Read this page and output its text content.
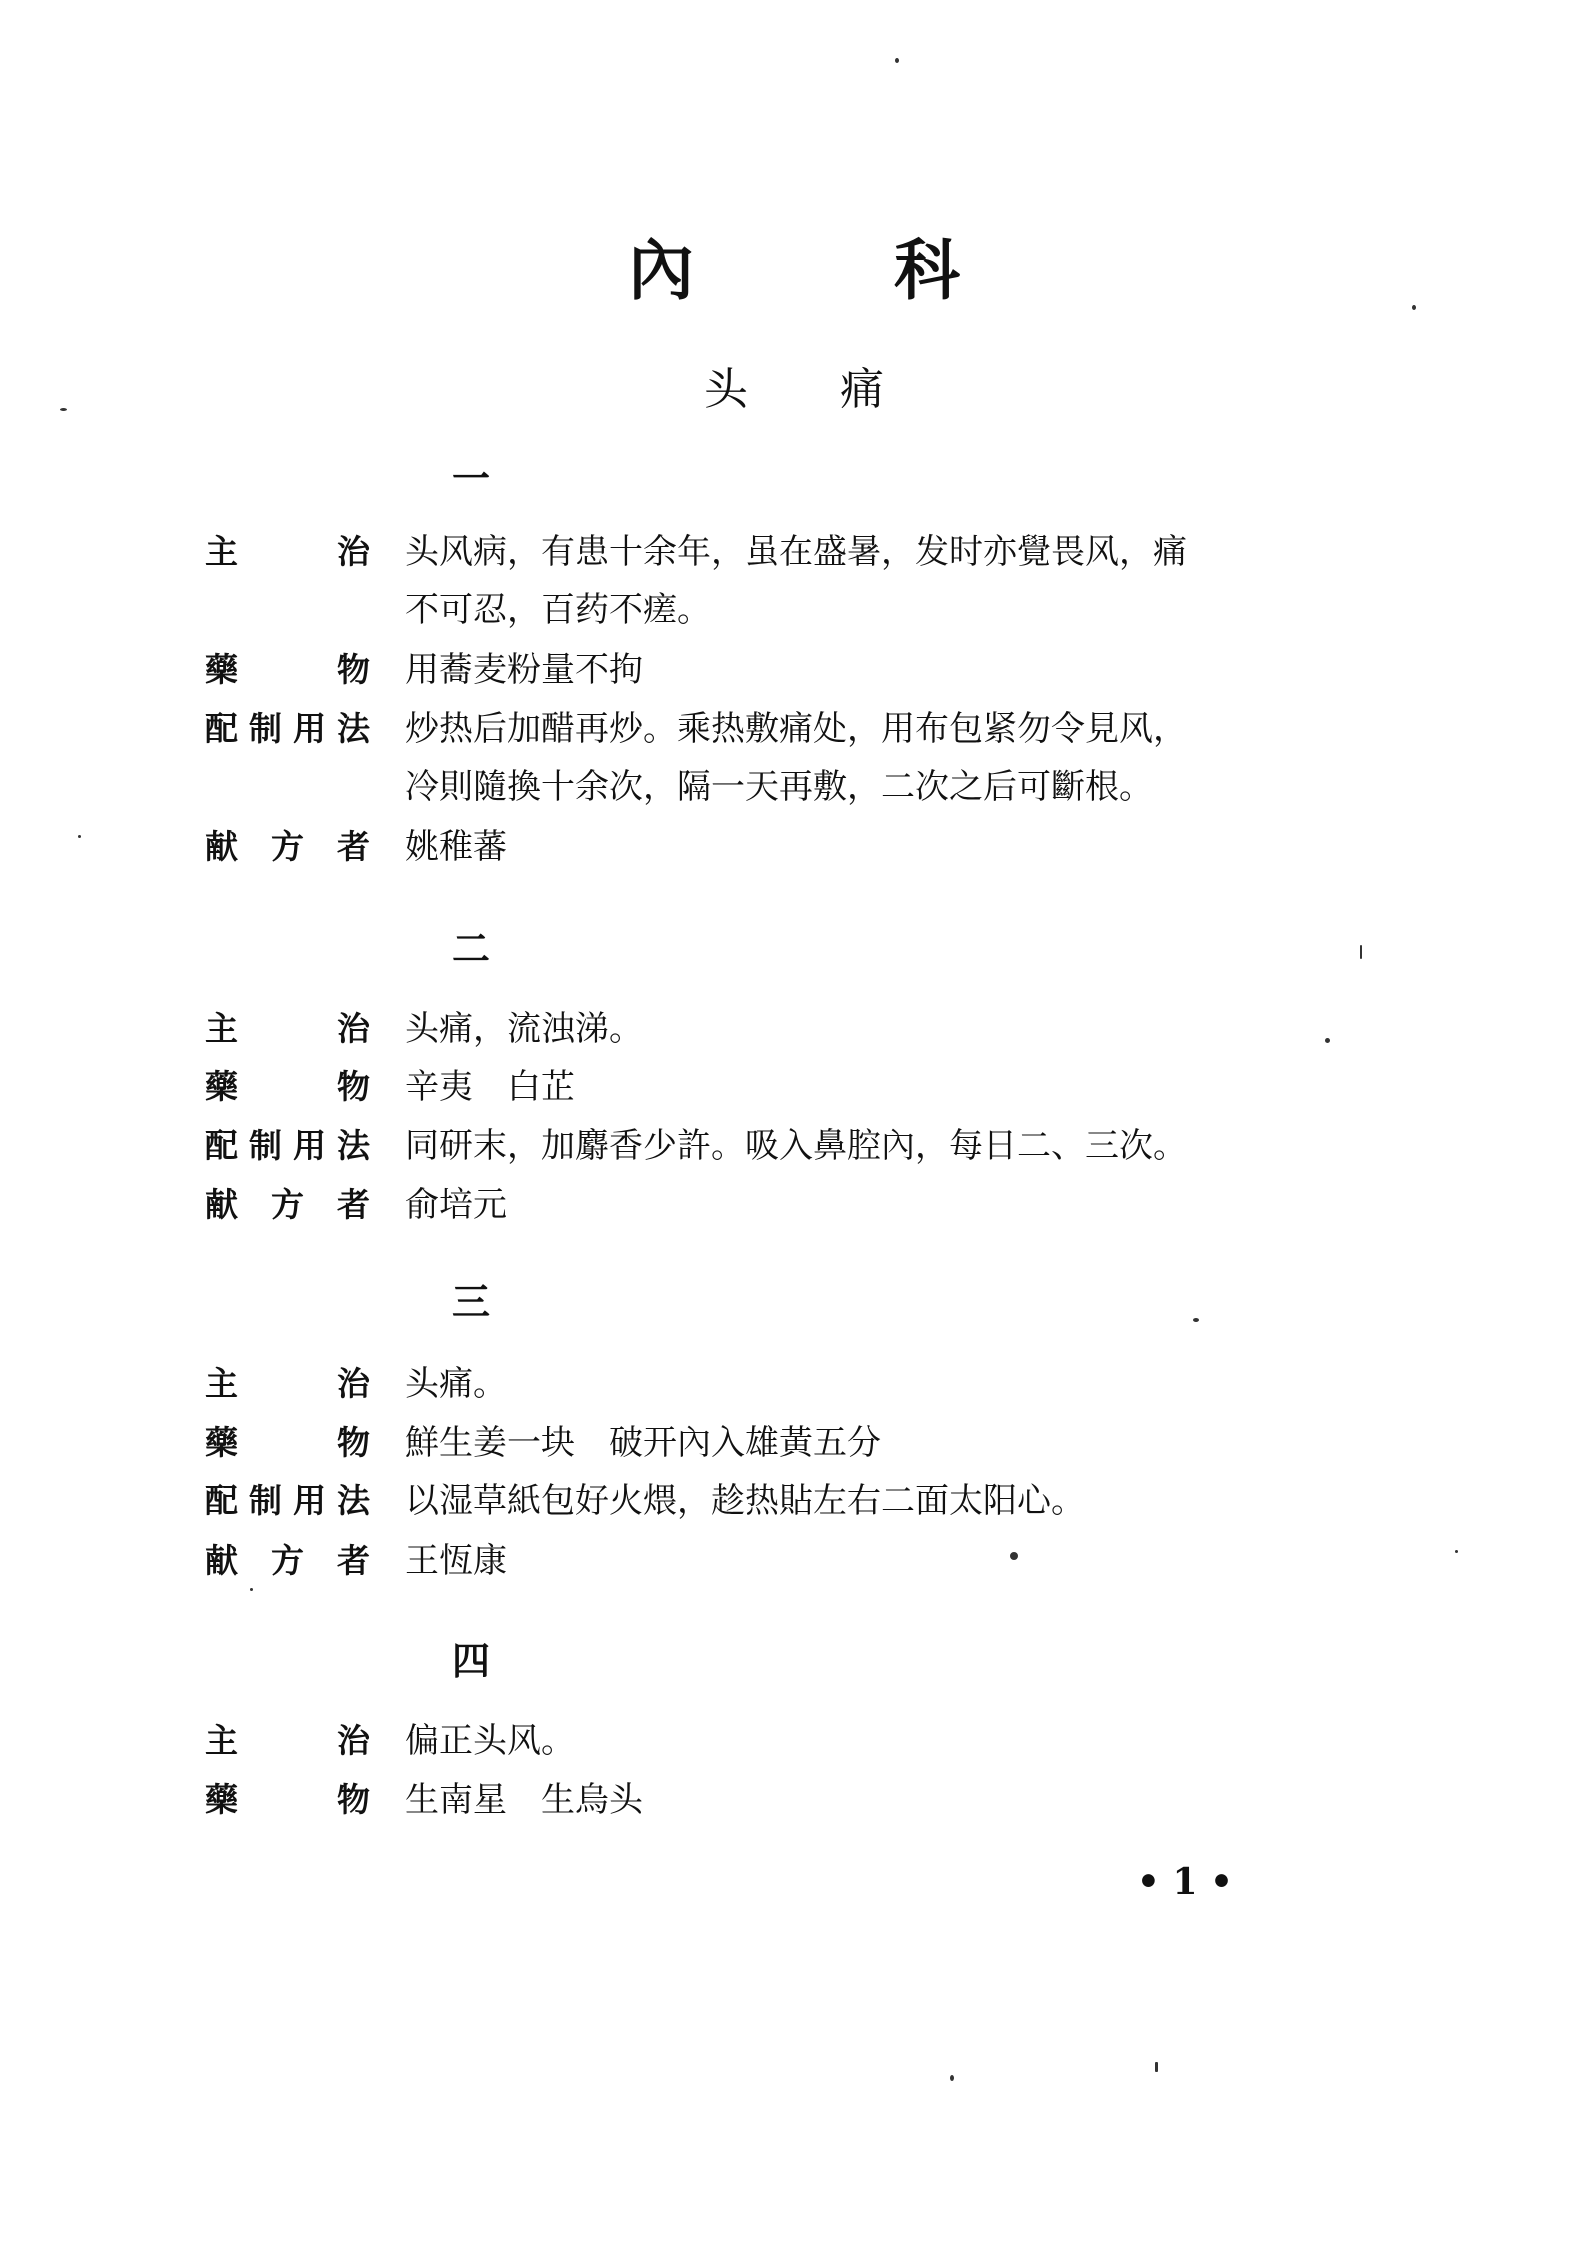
內	科
头 痛
一
主	治 头风病，有患十余年，虽在盛暑，发时亦覺畏风，痛
不可忍，百药不瘥。
藥	物 用蕎麦粉量不拘
配 制 用 法 炒热后加醋再炒。乘热敷痛处，用布包紧勿令見风，
冷則隨換十余次，隔一天再敷，二次之后可斷根。
献 方 者 姚稚蕃
二
主	治 头痛，流浊涕。
藥	物 辛夷　白芷
配 制 用 法 同研末，加麝香少許。吸入鼻腔內，每日二、三次。
献 方 者 俞培元
三
主	治 头痛。
藥	物 鮮生姜一块　破开內入雄黃五分
配 制 用 法 以湿草紙包好火煨，趁热貼左右二面太阳心。
献 方 者 王恆康
四
主	治 偏正头风。
藥	物 生南星　生烏头
• 1 •
